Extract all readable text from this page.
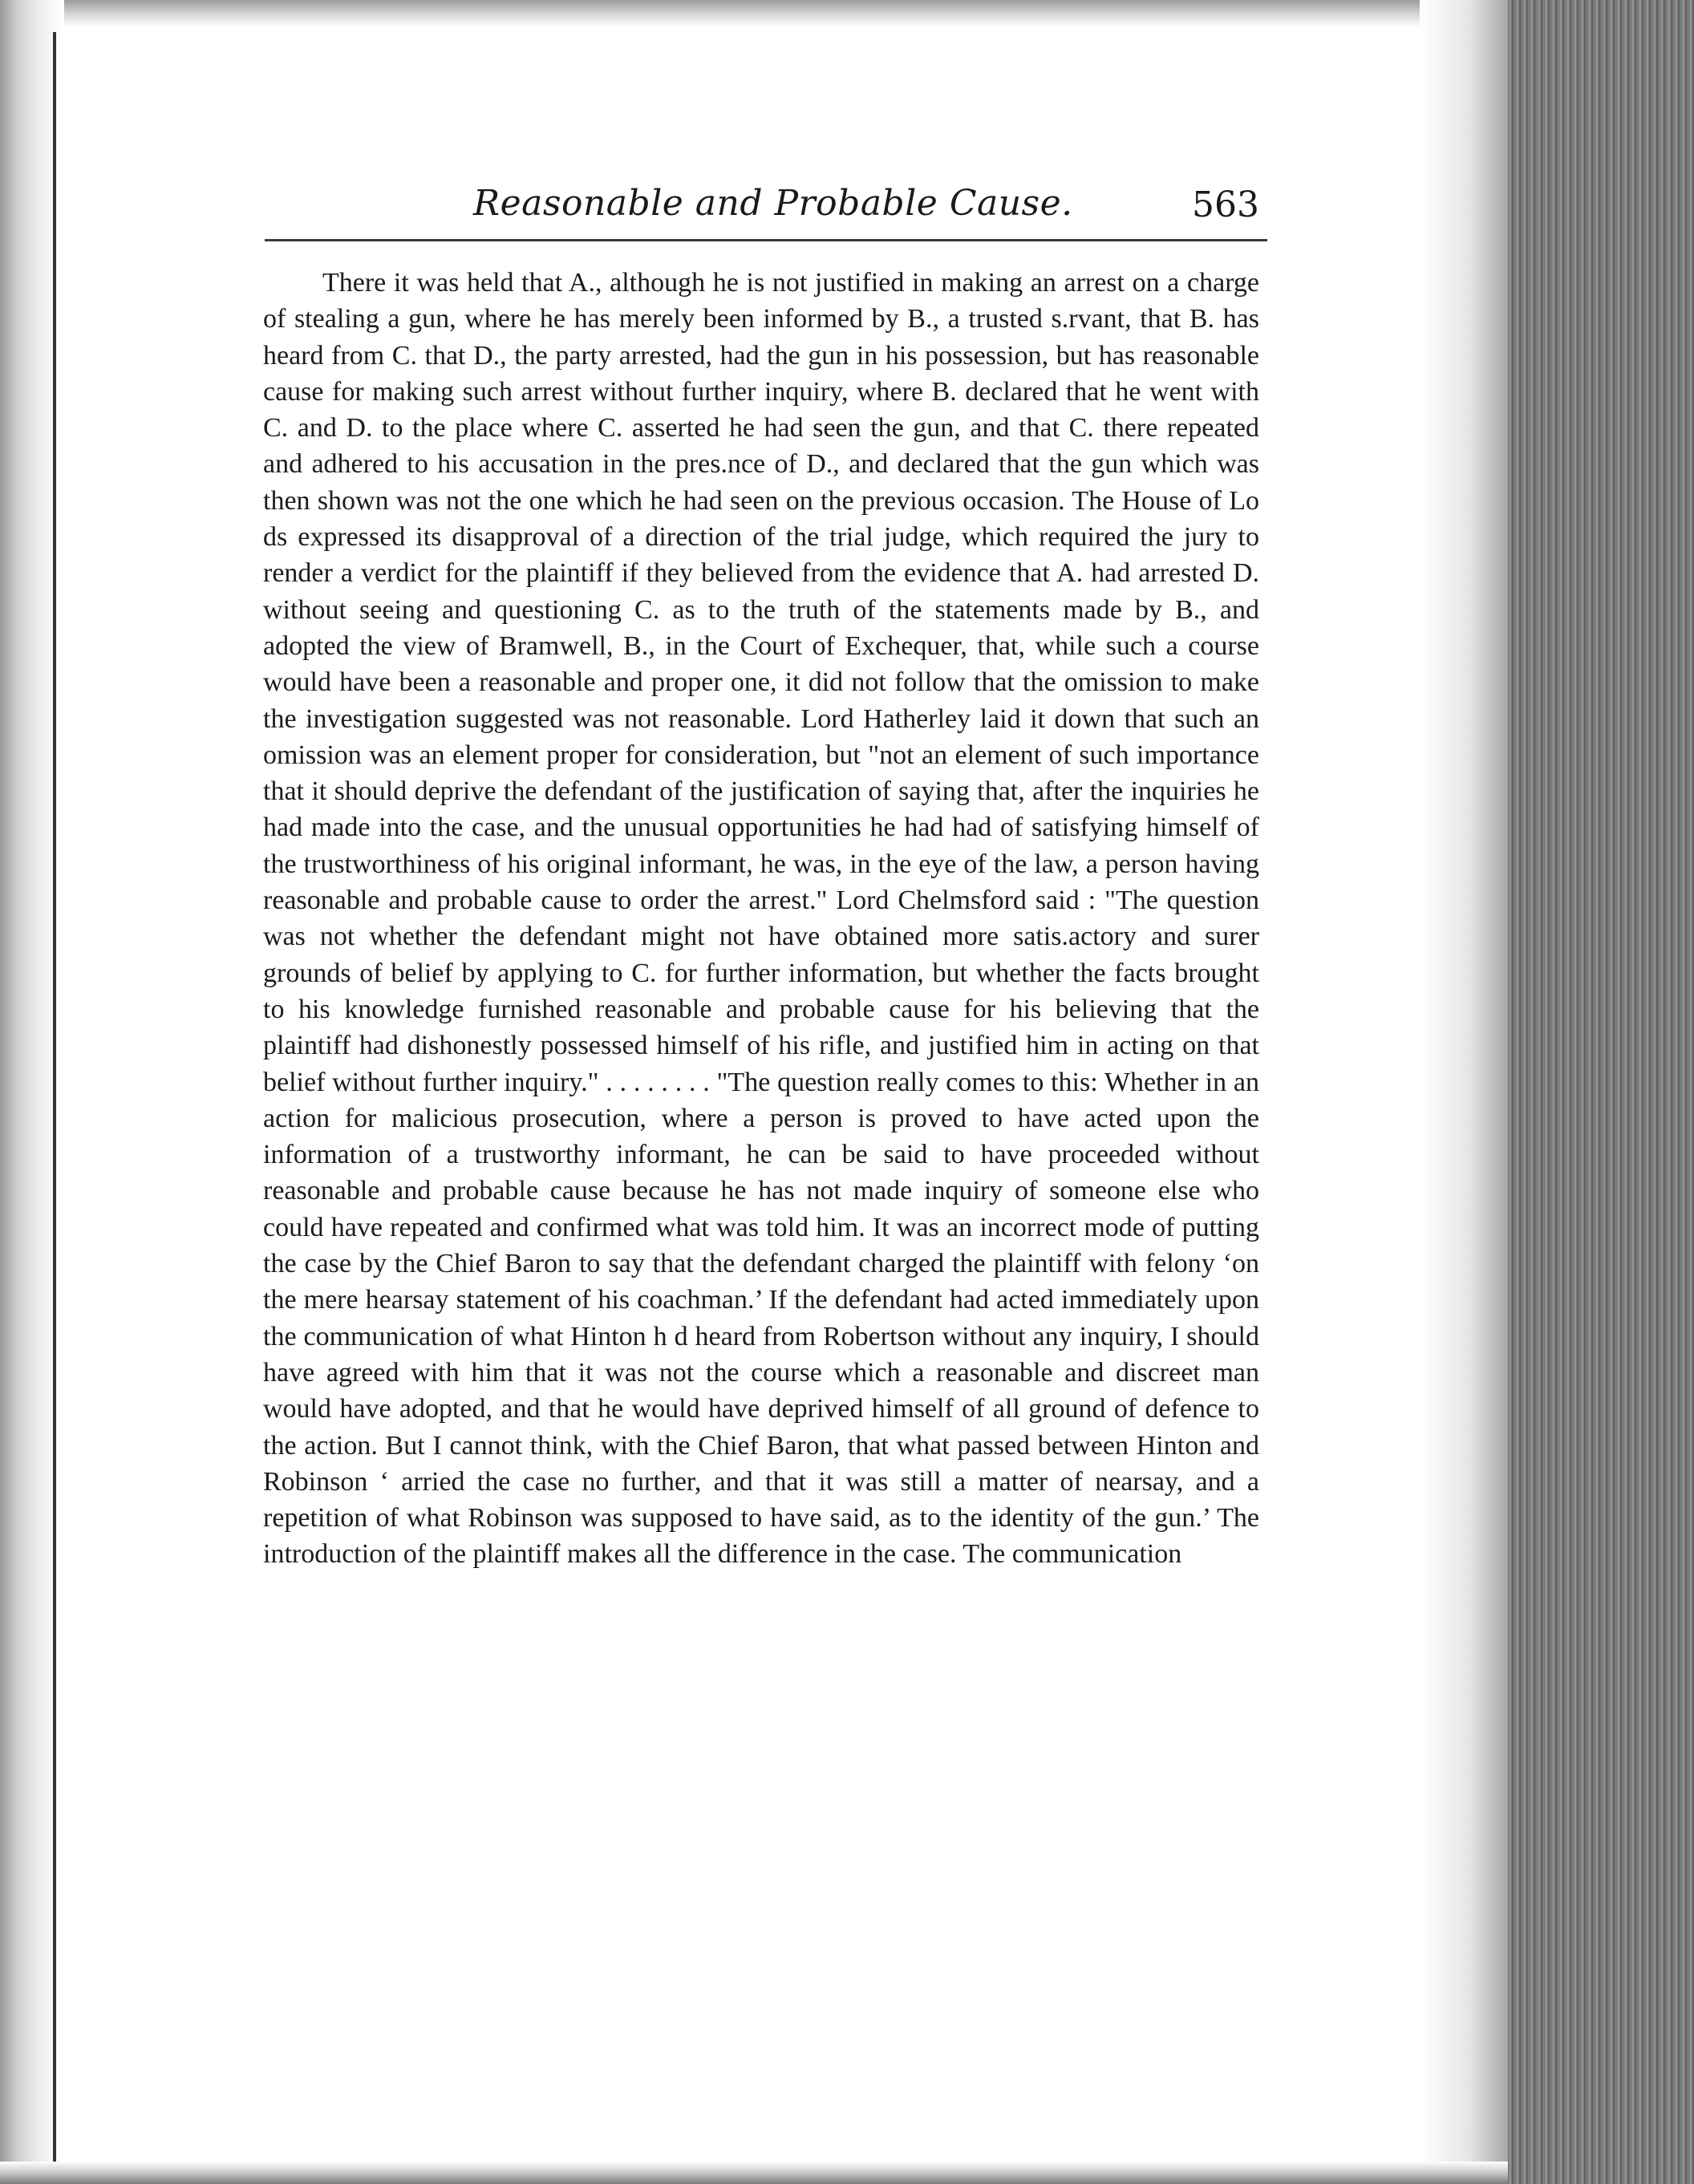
Reasonable and Probable Cause.	563

There it was held that A., although he is not justified in making an arrest on a charge of stealing a gun, where he has merely been informed by B., a trusted s.rvant, that B. has heard from C. that D., the party arrested, had the gun in his possession, but has reasonable cause for making such arrest without further inquiry, where B. declared that he went with C. and D. to the place where C. asserted he had seen the gun, and that C. there repeated and adhered to his accusation in the pres.nce of D., and declared that the gun which was then shown was not the one which he had seen on the previous occasion. The House of Lo ds expressed its disapproval of a direction of the trial judge, which required the jury to render a verdict for the plaintiff if they believed from the evidence that A. had arrested D. without seeing and questioning C. as to the truth of the statements made by B., and adopted the view of Bramwell, B., in the Court of Exchequer, that, while such a course would have been a reasonable and proper one, it did not follow that the omission to make the investigation suggested was not reasonable. Lord Hatherley laid it down that such an omission was an element proper for consideration, but "not an element of such importance that it should deprive the defendant of the justification of saying that, after the inquiries he had made into the case, and the unusual opportunities he had had of satisfying himself of the trustworthiness of his original informant, he was, in the eye of the law, a person having reasonable and probable cause to order the arrest." Lord Chelmsford said : "The question was not whether the defendant might not have obtained more satis.actory and surer grounds of belief by applying to C. for further information, but whether the facts brought to his knowledge furnished reasonable and probable cause for his believing that the plaintiff had dishonestly possessed himself of his rifle, and justified him in acting on that belief without further inquiry." . . . . . . . . "The question really comes to this: Whether in an action for malicious prosecution, where a person is proved to have acted upon the information of a trustworthy informant, he can be said to have proceeded without reasonable and probable cause because he has not made inquiry of someone else who could have repeated and confirmed what was told him. It was an incorrect mode of putting the case by the Chief Baron to say that the defendant charged the plaintiff with felony ‘on the mere hearsay statement of his coachman.’ If the defendant had acted immediately upon the communication of what Hinton h d heard from Robertson without any inquiry, I should have agreed with him that it was not the course which a reasonable and discreet man would have adopted, and that he would have deprived himself of all ground of defence to the action. But I cannot think, with the Chief Baron, that what passed between Hinton and Robinson ‘ arried the case no further, and that it was still a matter of nearsay, and a repetition of what Robinson was supposed to have said, as to the identity of the gun.’ The introduction of the plaintiff makes all the difference in the case. The communication
